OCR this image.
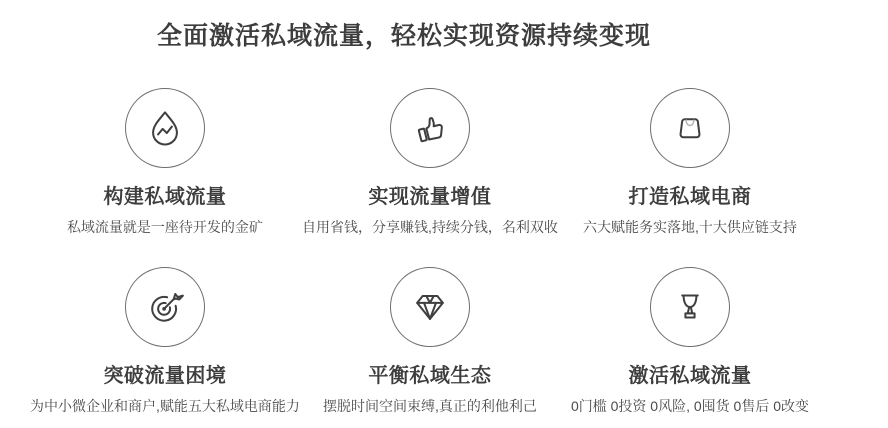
全面激活私域流量，轻松实现资源持续变现
构建私域流量

私域流量就是一座待开发的金矿

实现流量增值

自用省钱，分享赚钱,持续分钱，名利双收

打造私域电商

六大赋能务实落地,十大供应链支持

突破流量困境

为中小微企业和商户,赋能五大私域电商能力

平衡私域生态

摆脱时间空间束缚,真正的利他利己

激活私域流量

0门槛 0投资 0风险, 0囤货 0售后 0改变
